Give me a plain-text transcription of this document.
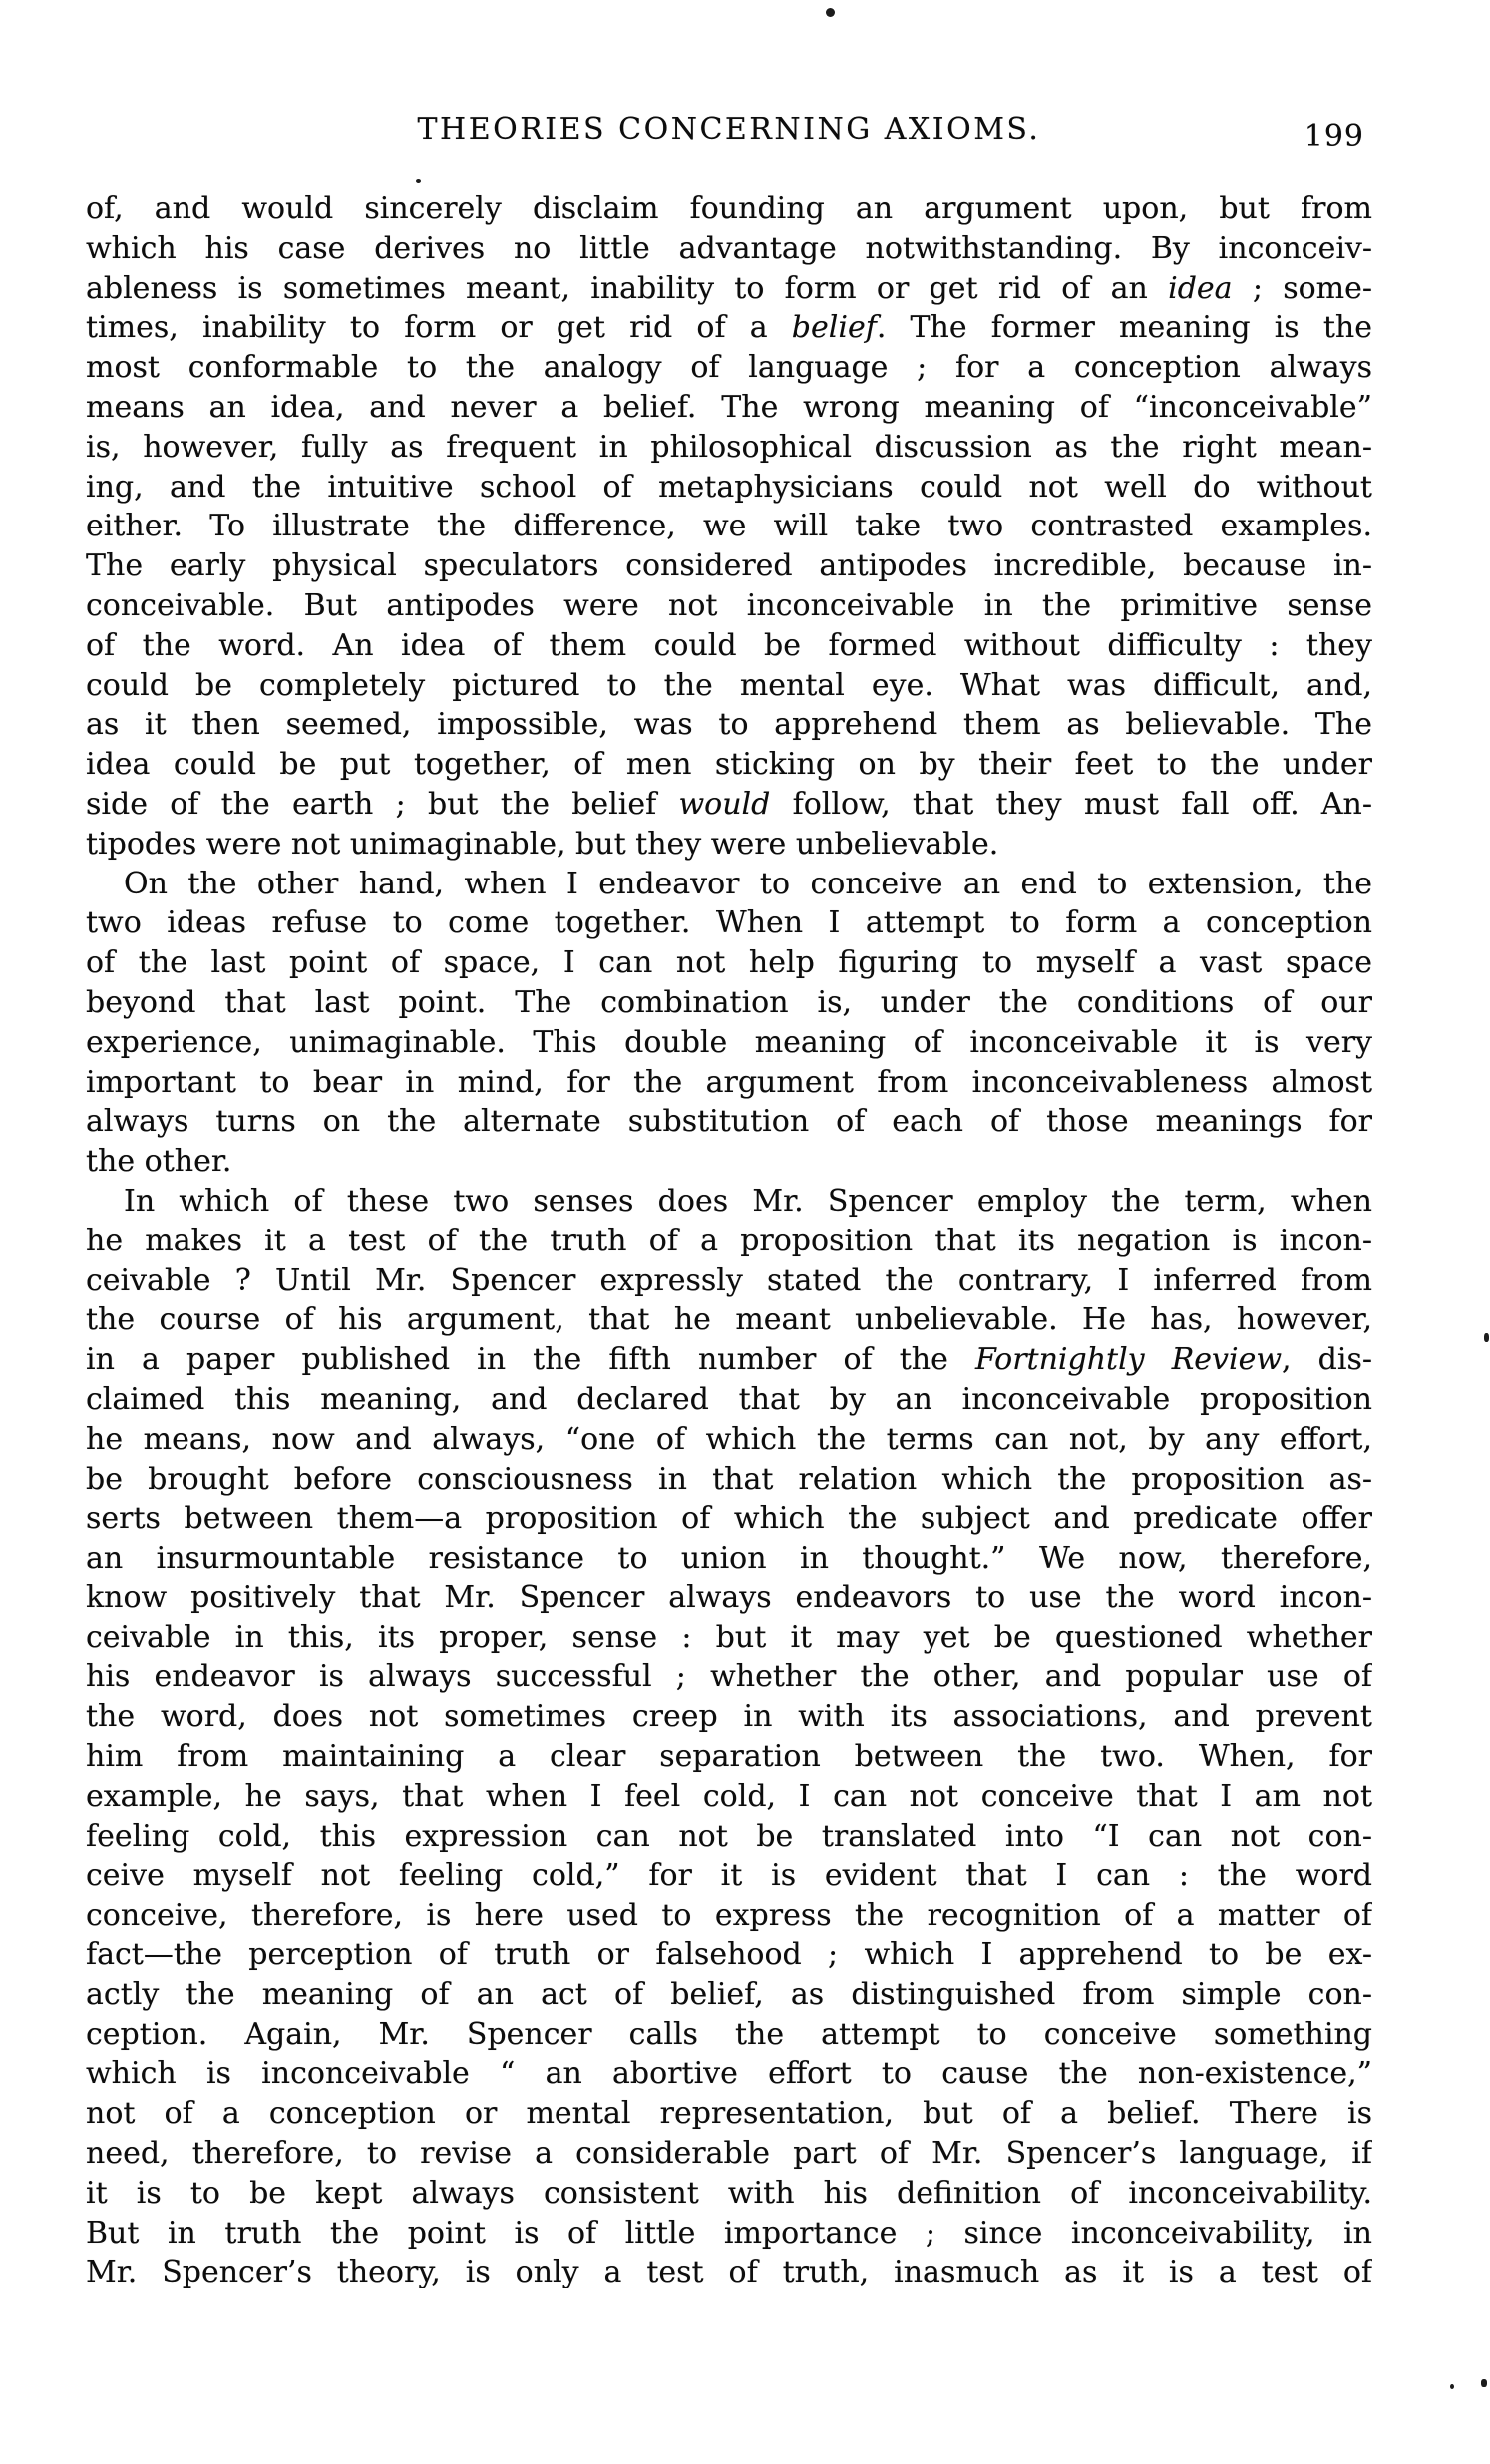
THEORIES CONCERNING AXIOMS.	199
of, and would sincerely disclaim founding an argument upon, but from
which his case derives no little advantage notwithstanding. By inconceiv-
ableness is sometimes meant, inability to form or get rid of an idea ; some-
times, inability to form or get rid of a belief. The former meaning is the
most conformable to the analogy of language ; for a conception always
means an idea, and never a belief. The wrong meaning of “inconceivable”
is, however, fully as frequent in philosophical discussion as the right mean-
ing, and the intuitive school of metaphysicians could not well do without
either. To illustrate the difference, we will take two contrasted examples.
The early physical speculators considered antipodes incredible, because in-
conceivable. But antipodes were not inconceivable in the primitive sense
of the word. An idea of them could be formed without difficulty : they
could be completely pictured to the mental eye. What was difficult, and,
as it then seemed, impossible, was to apprehend them as believable. The
idea could be put together, of men sticking on by their feet to the under
side of the earth ; but the belief would follow, that they must fall off. An-
tipodes were not unimaginable, but they were unbelievable.
On the other hand, when I endeavor to conceive an end to extension, the
two ideas refuse to come together. When I attempt to form a conception
of the last point of space, I can not help figuring to myself a vast space
beyond that last point. The combination is, under the conditions of our
experience, unimaginable. This double meaning of inconceivable it is very
important to bear in mind, for the argument from inconceivableness almost
always turns on the alternate substitution of each of those meanings for
the other.
In which of these two senses does Mr. Spencer employ the term, when
he makes it a test of the truth of a proposition that its negation is incon-
ceivable ? Until Mr. Spencer expressly stated the contrary, I inferred from
the course of his argument, that he meant unbelievable. He has, however,
in a paper published in the fifth number of the Fortnightly Review, dis-
claimed this meaning, and declared that by an inconceivable proposition
he means, now and always, “one of which the terms can not, by any effort,
be brought before consciousness in that relation which the proposition as-
serts between them—a proposition of which the subject and predicate offer
an insurmountable resistance to union in thought.” We now, therefore,
know positively that Mr. Spencer always endeavors to use the word incon-
ceivable in this, its proper, sense : but it may yet be questioned whether
his endeavor is always successful ; whether the other, and popular use of
the word, does not sometimes creep in with its associations, and prevent
him from maintaining a clear separation between the two. When, for
example, he says, that when I feel cold, I can not conceive that I am not
feeling cold, this expression can not be translated into “I can not con-
ceive myself not feeling cold,” for it is evident that I can : the word
conceive, therefore, is here used to express the recognition of a matter of
fact—the perception of truth or falsehood ; which I apprehend to be ex-
actly the meaning of an act of belief, as distinguished from simple con-
ception. Again, Mr. Spencer calls the attempt to conceive something
which is inconceivable “ an abortive effort to cause the non-existence,”
not of a conception or mental representation, but of a belief. There is
need, therefore, to revise a considerable part of Mr. Spencer’s language, if
it is to be kept always consistent with his definition of inconceivability.
But in truth the point is of little importance ; since inconceivability, in
Mr. Spencer’s theory, is only a test of truth, inasmuch as it is a test of
